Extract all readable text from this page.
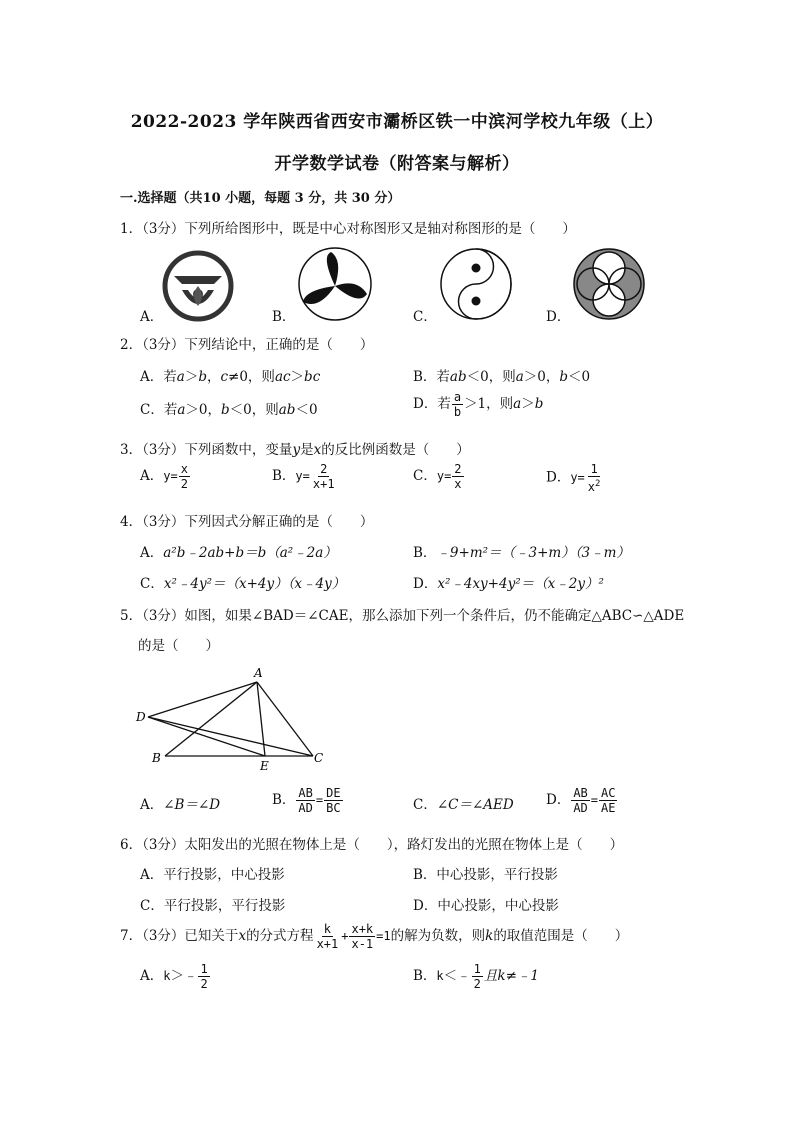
2022-2023 学年陕西省西安市灞桥区铁一中滨河学校九年级（上）
开学数学试卷（附答案与解析）
一.选择题（共10 小题，每题 3 分，共 30 分）
1．（3分）下列所给图形中，既是中心对称图形又是轴对称图形的是（　　）
A．	B．	C．	D．
2．（3分）下列结论中，正确的是（　　）
A．若a＞b，c≠0，则ac＞bc	B．若ab＜0，则a＞0，b＜0
C．若a＞0，b＜0，则ab＜0	D．若 $\frac{a}{b} >1$，则a＞b
3．（3分）下列函数中，变量y是x的反比例函数是（　　）
A．$y= \frac{x}{2}$	B．$y= \frac{2}{x+1}$	C．$y= \frac{2}{x}$	D．$y= \frac{1}{x^2}$
4．（3分）下列因式分解正确的是（　　）
A．a²b﹣2ab+b＝b（a²﹣2a）	B．﹣9+m²＝（﹣3+m）（3﹣m）
C．x²﹣4y²＝（x+4y）（x﹣4y）	D．x²﹣4xy+4y²＝（x﹣2y）²
5．（3分）如图，如果∠BAD＝∠CAE，那么添加下列一个条件后，仍不能确定△ABC∽△ADE
的是（　　）
A
D
B
E
C
A．∠B＝∠D	B． $\frac{AB}{AD} = \frac{DE}{BC}$	C．∠C＝∠AED D． $\frac{AB}{AD} = \frac{AC}{AE}$
6．（3分）太阳发出的光照在物体上是（　　），路灯发出的光照在物体上是（　　）
A．平行投影，中心投影	B．中心投影，平行投影
C．平行投影，平行投影	D．中心投影，中心投影
7．（3分）已知关于x的分式方程 $\frac{k}{x+1} + \frac{x+k}{x-1} =1$的解为负数，则k的取值范围是（　　）
A．k＞﹣ $\frac{1}{2}$	B．k＜﹣ $\frac{1}{2}$ 且k≠﹣1
